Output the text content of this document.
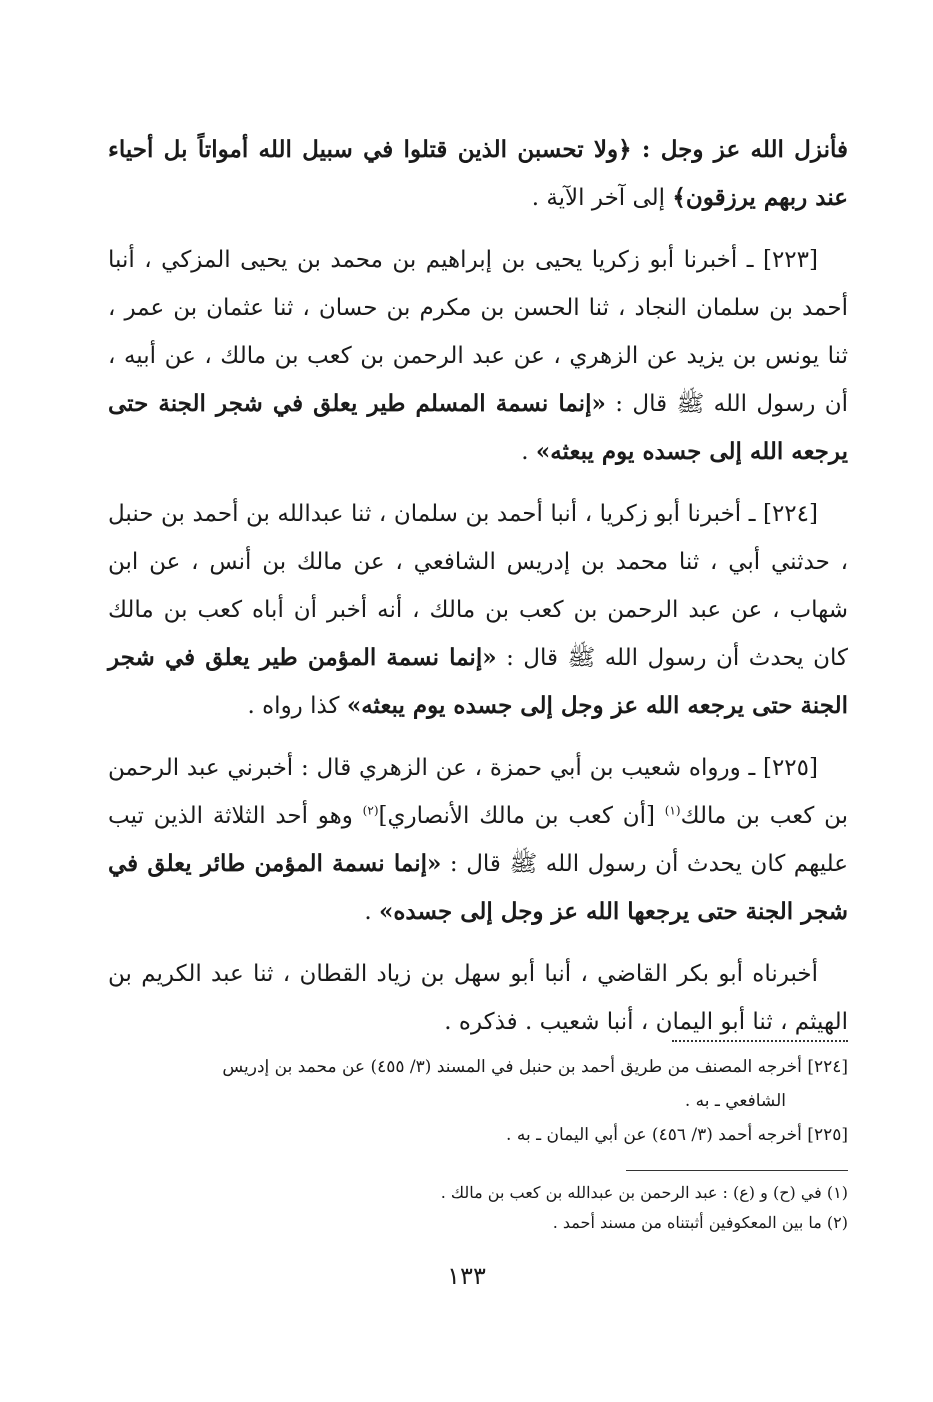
فأنزل الله عز وجل : ﴿ولا تحسبن الذين قتلوا في سبيل الله أمواتاً بل أحياء عند ربهم يرزقون﴾ إلى آخر الآية .

[٢٢٣] ـ أخبرنا أبو زكريا يحيى بن إبراهيم بن محمد بن يحيى المزكي ، أنبا أحمد بن سلمان النجاد ، ثنا الحسن بن مكرم بن حسان ، ثنا عثمان بن عمر ، ثنا يونس بن يزيد عن الزهري ، عن عبد الرحمن بن كعب بن مالك ، عن أبيه ، أن رسول الله ﷺ قال : «إنما نسمة المسلم طير يعلق في شجر الجنة حتى يرجعه الله إلى جسده يوم يبعثه» .

[٢٢٤] ـ أخبرنا أبو زكريا ، أنبا أحمد بن سلمان ، ثنا عبدالله بن أحمد بن حنبل ، حدثني أبي ، ثنا محمد بن إدريس الشافعي ، عن مالك بن أنس ، عن ابن شهاب ، عن عبد الرحمن بن كعب بن مالك ، أنه أخبر أن أباه كعب بن مالك كان يحدث أن رسول الله ﷺ قال : «إنما نسمة المؤمن طير يعلق في شجر الجنة حتى يرجعه الله عز وجل إلى جسده يوم يبعثه» كذا رواه .

[٢٢٥] ـ ورواه شعيب بن أبي حمزة ، عن الزهري قال : أخبرني عبد الرحمن بن كعب بن مالك$^{(١)}$ [أن كعب بن مالك الأنصاري]$^{(٢)}$ وهو أحد الثلاثة الذين تيب عليهم كان يحدث أن رسول الله ﷺ قال : «إنما نسمة المؤمن طائر يعلق في شجر الجنة حتى يرجعها الله عز وجل إلى جسده» .

أخبرناه أبو بكر القاضي ، أنبا أبو سهل بن زياد القطان ، ثنا عبد الكريم بن الهيثم ، ثنا أبو اليمان ، أنبا شعيب . فذكره .

[٢٢٤] أخرجه المصنف من طريق أحمد بن حنبل في المسند (٣/ ٤٥٥) عن محمد بن إدريس

الشافعي ـ به .

[٢٢٥] أخرجه أحمد (٣/ ٤٥٦) عن أبي اليمان ـ به .

(١) في (ح) و (ع) : عبد الرحمن بن عبدالله بن كعب بن مالك .

(٢) ما بين المعكوفين أثبتناه من مسند أحمد .

١٣٣
